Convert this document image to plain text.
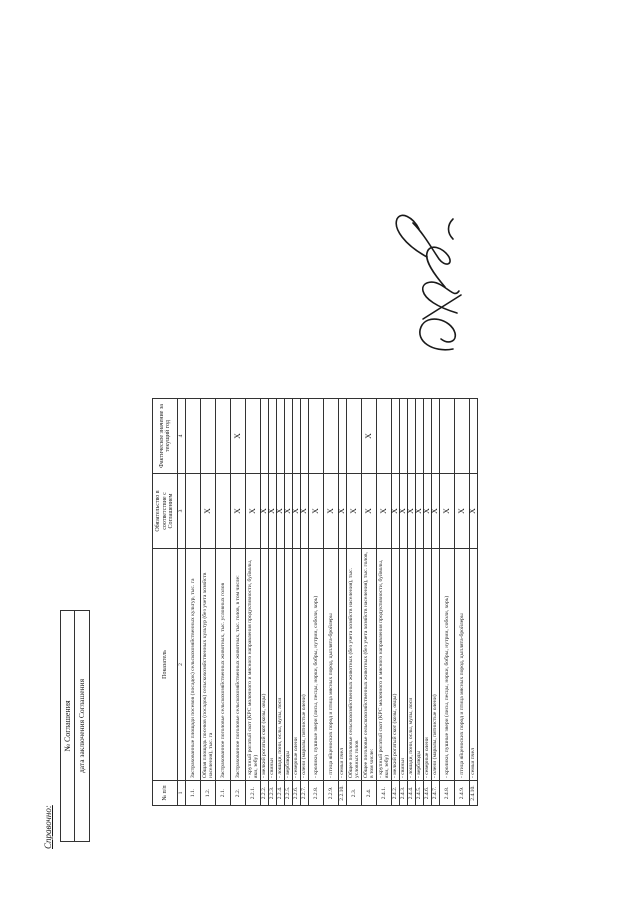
Справочно:
№ Соглашения дата заключения Соглашения
№ п/п	Показатель	Обязательство в соответствие с Соглашением	Фактическое значение за текущий год
1	2	3	4
1.1.	Застрахованные площади посевов (посадок) сельскохозяйственных культур, тыс. га		
1.2.	Общая площадь посевов (посадок) сельскохозяйственных культур (без учета хозяйств населения), тыс. га	X	
2.1.	Застрахованное поголовье сельскохозяйственных животных, тыс. условных голов		
2.2.	Застрахованное поголовье сельскохозяйственных животных, тыс. голов, в том числе:	X	X
2.2.1.	- крупный рогатый скот (КРС молочного и мясного направления продуктивности, буйволы, яки, зебу)	X	
2.2.2.	- мелкий рогатый скот (козы, овцы)	X	
2.2.3.	- свиньи	X	
2.2.4.	- лошади, пони, ослы, мулы, лоси	X	
2.2.5.	- верблюды	X	
2.2.6.	- северные олени	X	
2.2.7.	- олени (маралы, пятнистые олени)	X	
2.2.8.	- кролики, пушные звери (лисы, песцы, норки, бобры, нутрии, соболи, хорь)	X	
2.2.9.	- птица яйценоских пород и птица мясных пород, цыплята-бройлеры	X	
2.2.10.	- семьи пчел	X	
2.3.	Общее поголовье сельскохозяйственных животных (без учета хозяйств населения), тыс. условных голов	X	
2.4.	Общее поголовье сельскохозяйственных животных (без учета хозяйств населения), тыс. голов, в том числе:	X	X
2.4.1.	- крупный рогатый скот (КРС молочного и мясного направления продуктивности, буйволы, яки, зебу)	X	
2.4.2.	- мелкий рогатый скот (козы, овцы)	X	
2.4.3.	- свиньи	X	
2.4.4.	- лошади, пони, ослы, мулы, лоси	X	
2.4.5.	- верблюды	X	
2.4.6.	- северные олени	X	
2.4.7.	- олени (маралы, пятнистые олени)	X	
2.4.8.	- кролики, пушные звери (лисы, песцы, норки, бобры, нутрии, соболи, хорь)	X	
2.4.9.	- птица яйценоских пород и птица мясных пород, цыплята-бройлеры	X	
2.4.10.	- семьи пчел	X	
